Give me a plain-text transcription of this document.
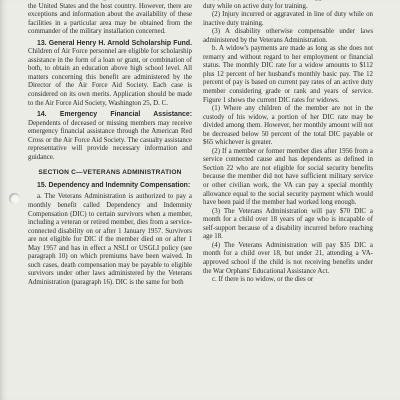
the United States and the host country. However, there are exceptions and information about the availability of these facilities in a particular area may be obtained from the commander of the military installation concerned.

13. General Henry H. Arnold Scholarship Fund. Children of Air Force personnel are eligible for scholarship assistance in the form of a loan or grant, or combination of both, to obtain an education above high school level. All matters concerning this benefit are administered by the Director of the Air Force Aid Society. Each case is considered on its own merits. Application should be made to the Air Force Aid Society, Washington 25, D. C.

14. Emergency Financial Assistance: Dependents of deceased or missing members may receive emergency financial assistance through the American Red Cross or the Air Force Aid Society. The casualty assistance representative will provide necessary information and guidance.

SECTION C—VETERANS ADMINISTRATION

15. Dependency and Indemnity Compensation:

a. The Veterans Administration is authorized to pay a monthly benefit called Dependency and Indemnity Compensation (DIC) to certain survivors when a member, including a veteran or retired member, dies from a service-connected disability on or after 1 January 1957. Survivors are not eligible for DIC if the member died on or after 1 May 1957 and has in effect a NSLI or USGLI policy (see paragraph 10) on which premiums have been waived. In such cases, death compensation may be payable to eligible survivors under other laws administered by the Veterans Administration (paragraph 16). DIC is the same for both

duty while on active duty for training.

(2) Injury incurred or aggravated in line of duty while on inactive duty training.

(3) A disability otherwise compensable under laws administered by the Veterans Administration.

b. A widow's payments are made as long as she does not remarry and without regard to her employment or financial status. The monthly DIC rate for a widow amounts to $112 plus 12 percent of her husband's monthly basic pay. The 12 percent of pay is based on current pay rates of an active duty member considering grade or rank and years of service. Figure 1 shows the current DIC rates for widows.

(1) Where any children of the member are not in the custody of his widow, a portion of her DIC rate may be divided among them. However, her monthly amount will not be decreased below 50 percent of the total DIC payable or $65 whichever is greater.

(2) If a member or former member dies after 1956 from a service connected cause and has dependents as defined in Section 22 who are not eligible for social security benefits because the member did not have sufficient military service or other civilian work, the VA can pay a special monthly allowance equal to the social security payment which would have been paid if the member had worked long enough.

(3) The Veterans Administration will pay $70 DIC a month for a child over 18 years of age who is incapable of self-support because of a disability incurred before reaching age 18.

(4) The Veterans Administration will pay $35 DIC a month for a child over 18, but under 21, attending a VA-approved school if the child is not receiving benefits under the War Orphans' Educational Assistance Act.

c. If there is no widow, or the dies or
